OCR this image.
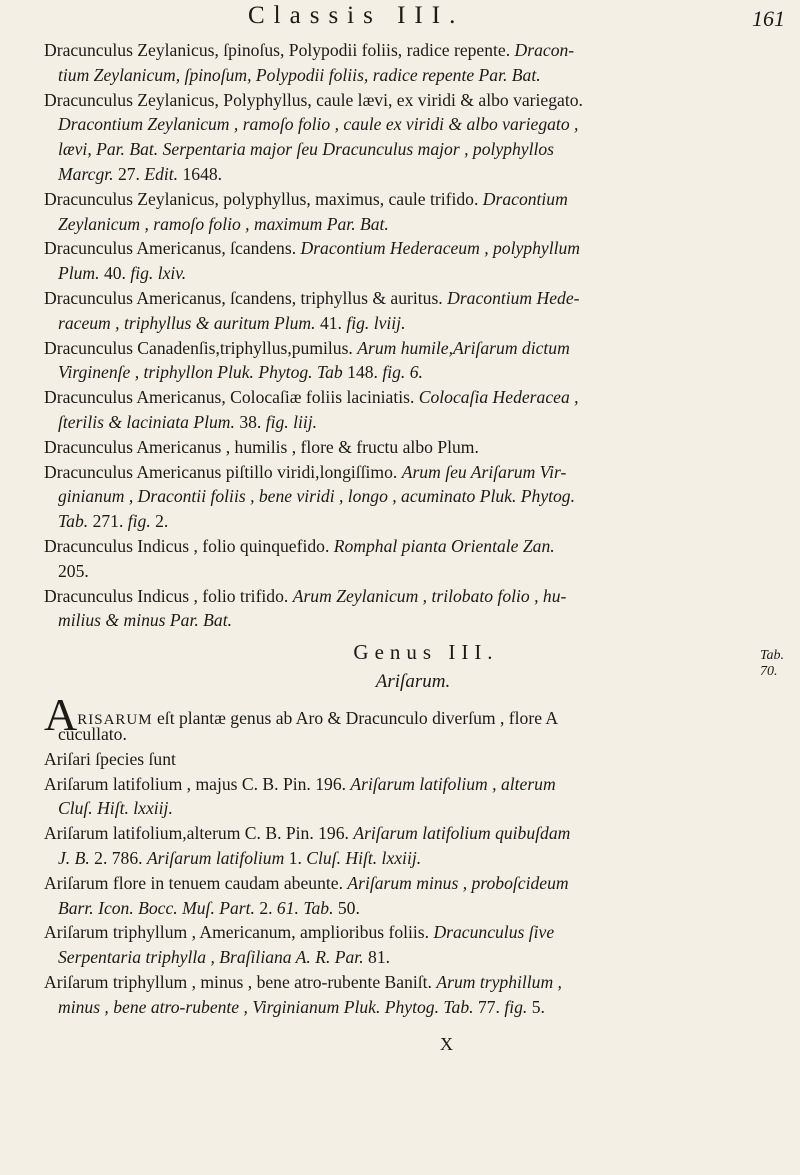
Classis III.	161
Dracunculus Zeylanicus, ſpinoſus, Polypodii foliis, radice repente. Dracon-
tium Zeylanicum, ſpinoſum, Polypodii foliis, radice repente Par. Bat.
Dracunculus Zeylanicus, Polyphyllus, caule lævi, ex viridi & albo variegato.
Dracontium Zeylanicum , ramoſo folio , caule ex viridi & albo variegato ,
lævi, Par. Bat. Serpentaria major ſeu Dracunculus major , polyphyllos
Marcgr. 27. Edit. 1648.
Dracunculus Zeylanicus, polyphyllus, maximus, caule trifido. Dracontium
Zeylanicum , ramoſo folio , maximum Par. Bat.
Dracunculus Americanus, ſcandens. Dracontium Hederaceum , polyphyllum
Plum. 40. fig. lxiv.
Dracunculus Americanus, ſcandens, triphyllus & auritus. Dracontium Hede-
raceum , triphyllus & auritum Plum. 41. fig. lviij.
Dracunculus Canadenſis,triphyllus,pumilus. Arum humile,Ariſarum dictum
Virginenſe , triphyllon Pluk. Phytog. Tab 148. fig. 6.
Dracunculus Americanus, Colocaſiæ foliis laciniatis. Colocaſia Hederacea ,
ſterilis & laciniata Plum. 38. fig. liij.
Dracunculus Americanus , humilis , flore & fructu albo Plum.
Dracunculus Americanus piſtillo viridi,longiſſimo. Arum ſeu Ariſarum Vir-
ginianum , Dracontii foliis , bene viridi , longo , acuminato Pluk. Phytog.
Tab. 271. fig. 2.
Dracunculus Indicus , folio quinquefido. Romphal pianta Orientale Zan.
205.
Dracunculus Indicus , folio trifido. Arum Zeylanicum , trilobato folio , hu-
milius & minus Par. Bat.
Genus III.
Ariſarum.
ARISARUM eſt plantæ genus ab Aro & Dracunculo diverſum , flore A
cucullato.
Ariſari ſpecies ſunt
Ariſarum latifolium , majus C. B. Pin. 196. Ariſarum latifolium , alterum
Cluſ. Hiſt. lxxiij.
Ariſarum latifolium,alterum C. B. Pin. 196. Ariſarum latifolium quibuſdam
J. B. 2. 786. Ariſarum latifolium 1. Cluſ. Hiſt. lxxiij.
Ariſarum flore in tenuem caudam abeunte. Ariſarum minus , proboſcideum
Barr. Icon. Bocc. Muſ. Part. 2. 61. Tab. 50.
Ariſarum triphyllum , Americanum, amplioribus foliis. Dracunculus ſive
Serpentaria triphylla , Braſiliana A. R. Par. 81.
Ariſarum triphyllum , minus , bene atro-rubente Baniſt. Arum tryphillum ,
minus , bene atro-rubente , Virginianum Pluk. Phytog. Tab. 77. fig. 5.
Tab. 70.
X
